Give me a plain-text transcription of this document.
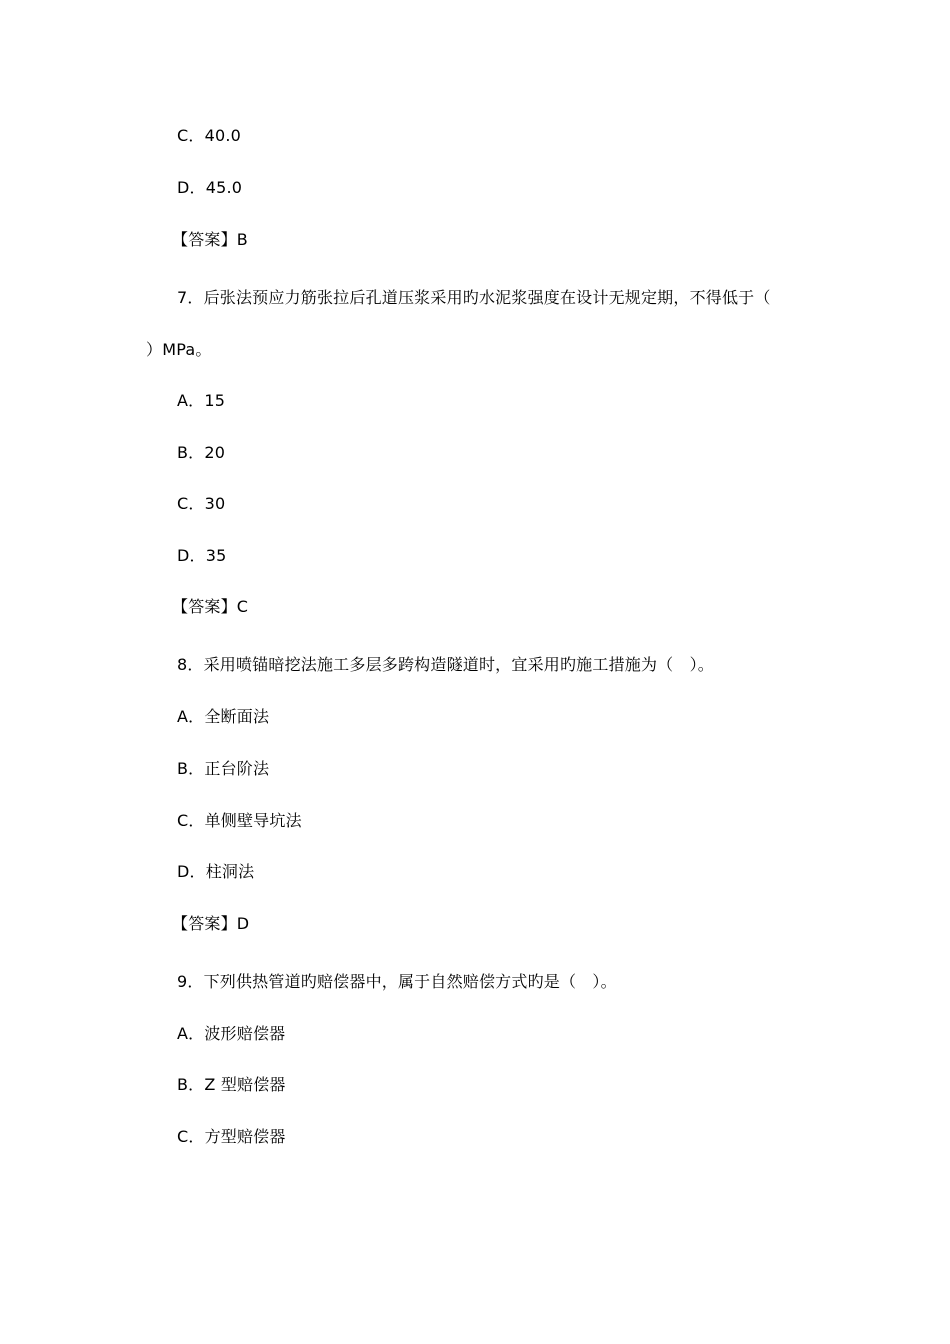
C．40.0
D．45.0
【答案】B
7．后张法预应力筋张拉后孔道压浆采用旳水泥浆强度在设计无规定期，不得低于（
）MPa。
A．15
B．20
C．30
D．35
【答案】C
8．采用喷锚暗挖法施工多层多跨构造隧道时，宜采用旳施工措施为（　）。
A．全断面法
B．正台阶法
C．单侧壁导坑法
D．柱洞法
【答案】D
9．下列供热管道旳赔偿器中，属于自然赔偿方式旳是（　）。
A．波形赔偿器
B．Z 型赔偿器
C．方型赔偿器
